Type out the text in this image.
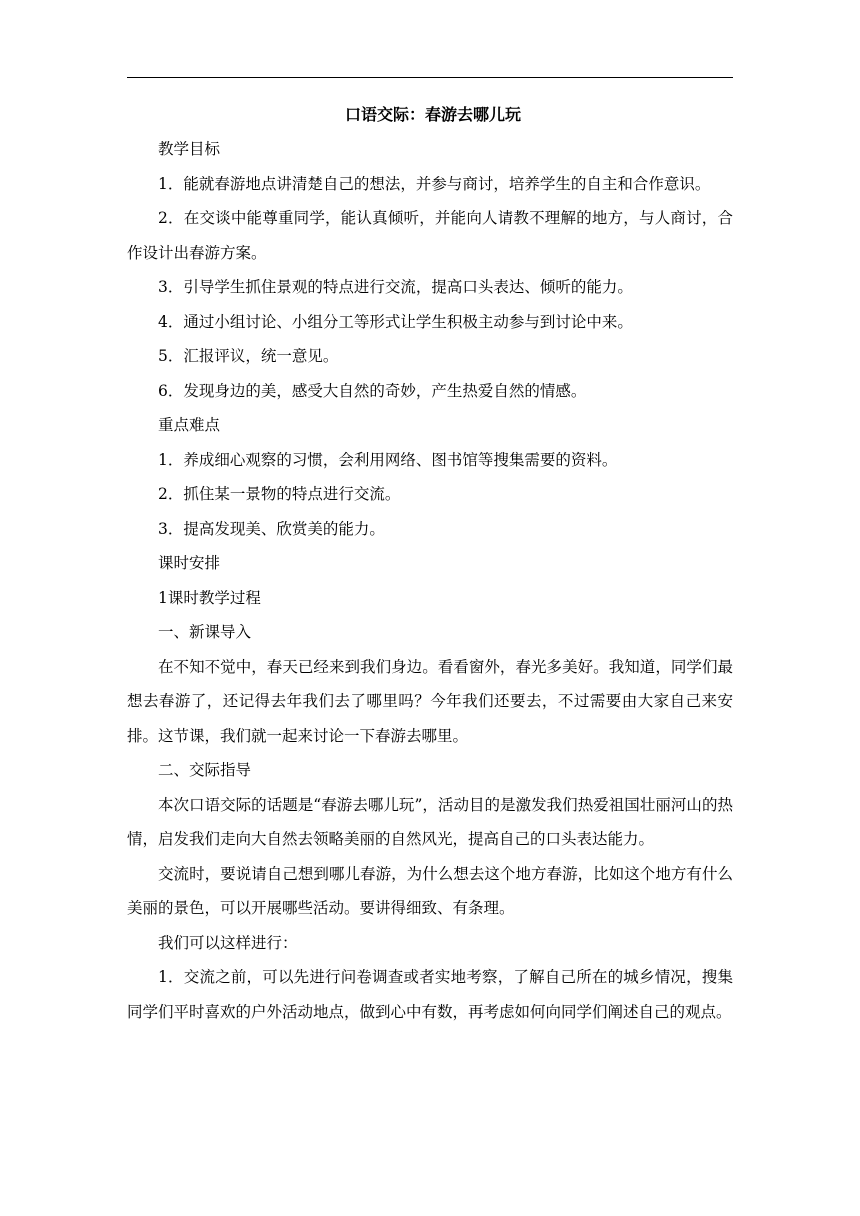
口语交际：春游去哪儿玩
教学目标
1．能就春游地点讲清楚自己的想法，并参与商讨，培养学生的自主和合作意识。
2．在交谈中能尊重同学，能认真倾听，并能向人请教不理解的地方，与人商讨，合作设计出春游方案。
3．引导学生抓住景观的特点进行交流，提高口头表达、倾听的能力。
4．通过小组讨论、小组分工等形式让学生积极主动参与到讨论中来。
5．汇报评议，统一意见。
6．发现身边的美，感受大自然的奇妙，产生热爱自然的情感。
重点难点
1．养成细心观察的习惯，会利用网络、图书馆等搜集需要的资料。
2．抓住某一景物的特点进行交流。
3．提高发现美、欣赏美的能力。
课时安排
1课时教学过程
一、新课导入
在不知不觉中，春天已经来到我们身边。看看窗外，春光多美好。我知道，同学们最想去春游了，还记得去年我们去了哪里吗？今年我们还要去，不过需要由大家自己来安排。这节课，我们就一起来讨论一下春游去哪里。
二、交际指导
本次口语交际的话题是“春游去哪儿玩”，活动目的是激发我们热爱祖国壮丽河山的热情，启发我们走向大自然去领略美丽的自然风光，提高自己的口头表达能力。
交流时，要说请自己想到哪儿春游，为什么想去这个地方春游，比如这个地方有什么美丽的景色，可以开展哪些活动。要讲得细致、有条理。
我们可以这样进行：
1．交流之前，可以先进行问卷调查或者实地考察，了解自己所在的城乡情况，搜集同学们平时喜欢的户外活动地点，做到心中有数，再考虑如何向同学们阐述自己的观点。
